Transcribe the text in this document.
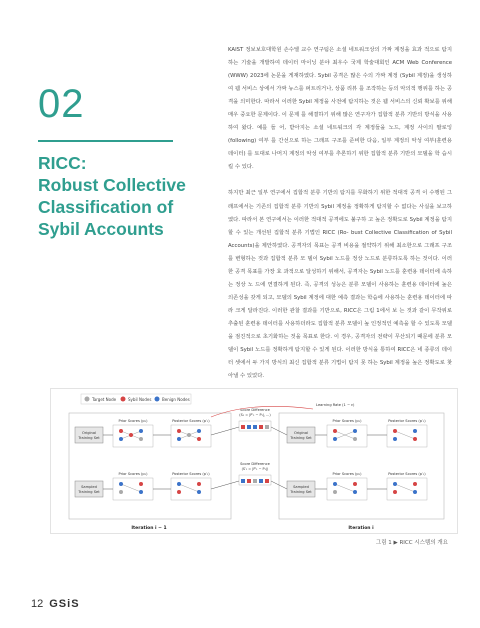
02
RICC:
Robust Collective
Classification of
Sybil Accounts

KAIST 정보보호대학원 손수엘 교수 연구팀은 소셜 네트워크상의 가짜 계정을 효과 적으로 탐지하는 기술을 개발하여 데이터 마이닝 분야 최우수 국제 학술대회인 ACM Web Conference (WWW) 2023에 논문을 게재하였다. Sybil 공격은 많은 수의 가짜 계정 (Sybil 계정)을 생성하여 웹 서비스 상에서 가짜 뉴스를 퍼트리거나, 상품 리뷰 를 조작하는 등의 악의적 행위를 하는 공격을 의미한다. 따라서 이러한 Sybil 계정을 사전에 탐지하는 것은 웹 서비스의 신뢰 확보를 위해 매우 중요한 문제이다. 이 문제 를 해결하기 위해 많은 연구자가 집합적 분류 기반의 방식을 사용하여 왔다. 예를 들 어, 받아지는 소셜 네트워크의 각 계정들을 노드, 계정 사이의 팔로잉 (following) 여부 를 간선으로 하는 그래프 구조를 준비한 다음, 일부 계정의 악성 여부(훈련용 데이터) 를 토대로 나머지 계정의 악성 여부를 추론하기 위한 집합적 분류 기반의 모델을 학 습시킬 수 있다.

하지만 최근 일부 연구에서 집합적 분류 기반의 탐지를 무화하기 위한 적대적 공격 이 수행된 그래프에서는 기존의 집합적 분류 기반의 Sybil 계정을 정확하게 탐지할 수 없다는 사실을 보고하였다. 따라서 본 연구에서는 이러한 적대적 공격에도 불구하 고 높은 정확도로 Sybil 계정을 탐지할 수 있는 개선된 집합적 분류 기법인 RICC (Ro- bust Collective Classification of Sybil Accounts)을 제안하였다. 공격자의 목표는 공격 비용을 절약하기 위해 최소한으로 그래프 구조를 변형하는 것과 집합적 분류 모 델이 Sybil 노드를 정상 노드로 분류하도록 하는 것이다. 이러한 공격 목표를 가장 효 과적으로 달성하기 위해서, 공격자는 Sybil 노드를 훈련용 데이터에 속하는 정상 노 드에 연결하게 된다. 즉, 공격의 성능은 분류 모델이 사용하는 훈련용 데이터에 높은 의존성을 갖게 되고, 모델의 Sybil 계정에 대한 예측 결과는 학습에 사용하는 훈련용 데이터에 따라 크게 달라진다. 이러한 관찰 결과를 기반으로, RICC은 그림 1에서 보 는 것과 같이 무작위로 추출된 훈련용 데이터를 사용하더라도 집합적 분류 모델이 높 인정적인 예측을 할 수 있도록 모델을 점진적으로 초기화하는 것을 목표로 한다. 이 경우, 공격자의 전략이 무산되기 때문에 분류 모델이 Sybil 노드를 정확하게 탐지할 수 있게 된다. 이러한 방식을 통하여 RICC은 네 종류의 데이터 셋에서 두 가지 방식의 최신 집합적 분류 기법이 탐지 못 하는 Sybil 계정을 높은 정확도로 찾아낼 수 있었다.

Target Node	Sybil Nodes	Benign Nodes
Original
Training Set
Prior Scores (p₁)	Posterior Scores (p′₁)
Sampled
Training Set
Prior Scores (p₁)	Posterior Scores (p′₁)
Score Difference
(S₁ = |P′₁ − P₁|, ...)
Score Difference
(S′₁ = |P′₁ − P₁|)
Learning Rate (1 − ε)
Original
Training Set
Prior Scores (p₁)	Posterior Scores (p′₁)
Sampled
Training Set
Prior Scores (p₁)	Posterior Scores (p′₁)
Iteration i − 1	Iteration i
그림 1 ▶ RICC 시스템의 개요
12 GSiS
